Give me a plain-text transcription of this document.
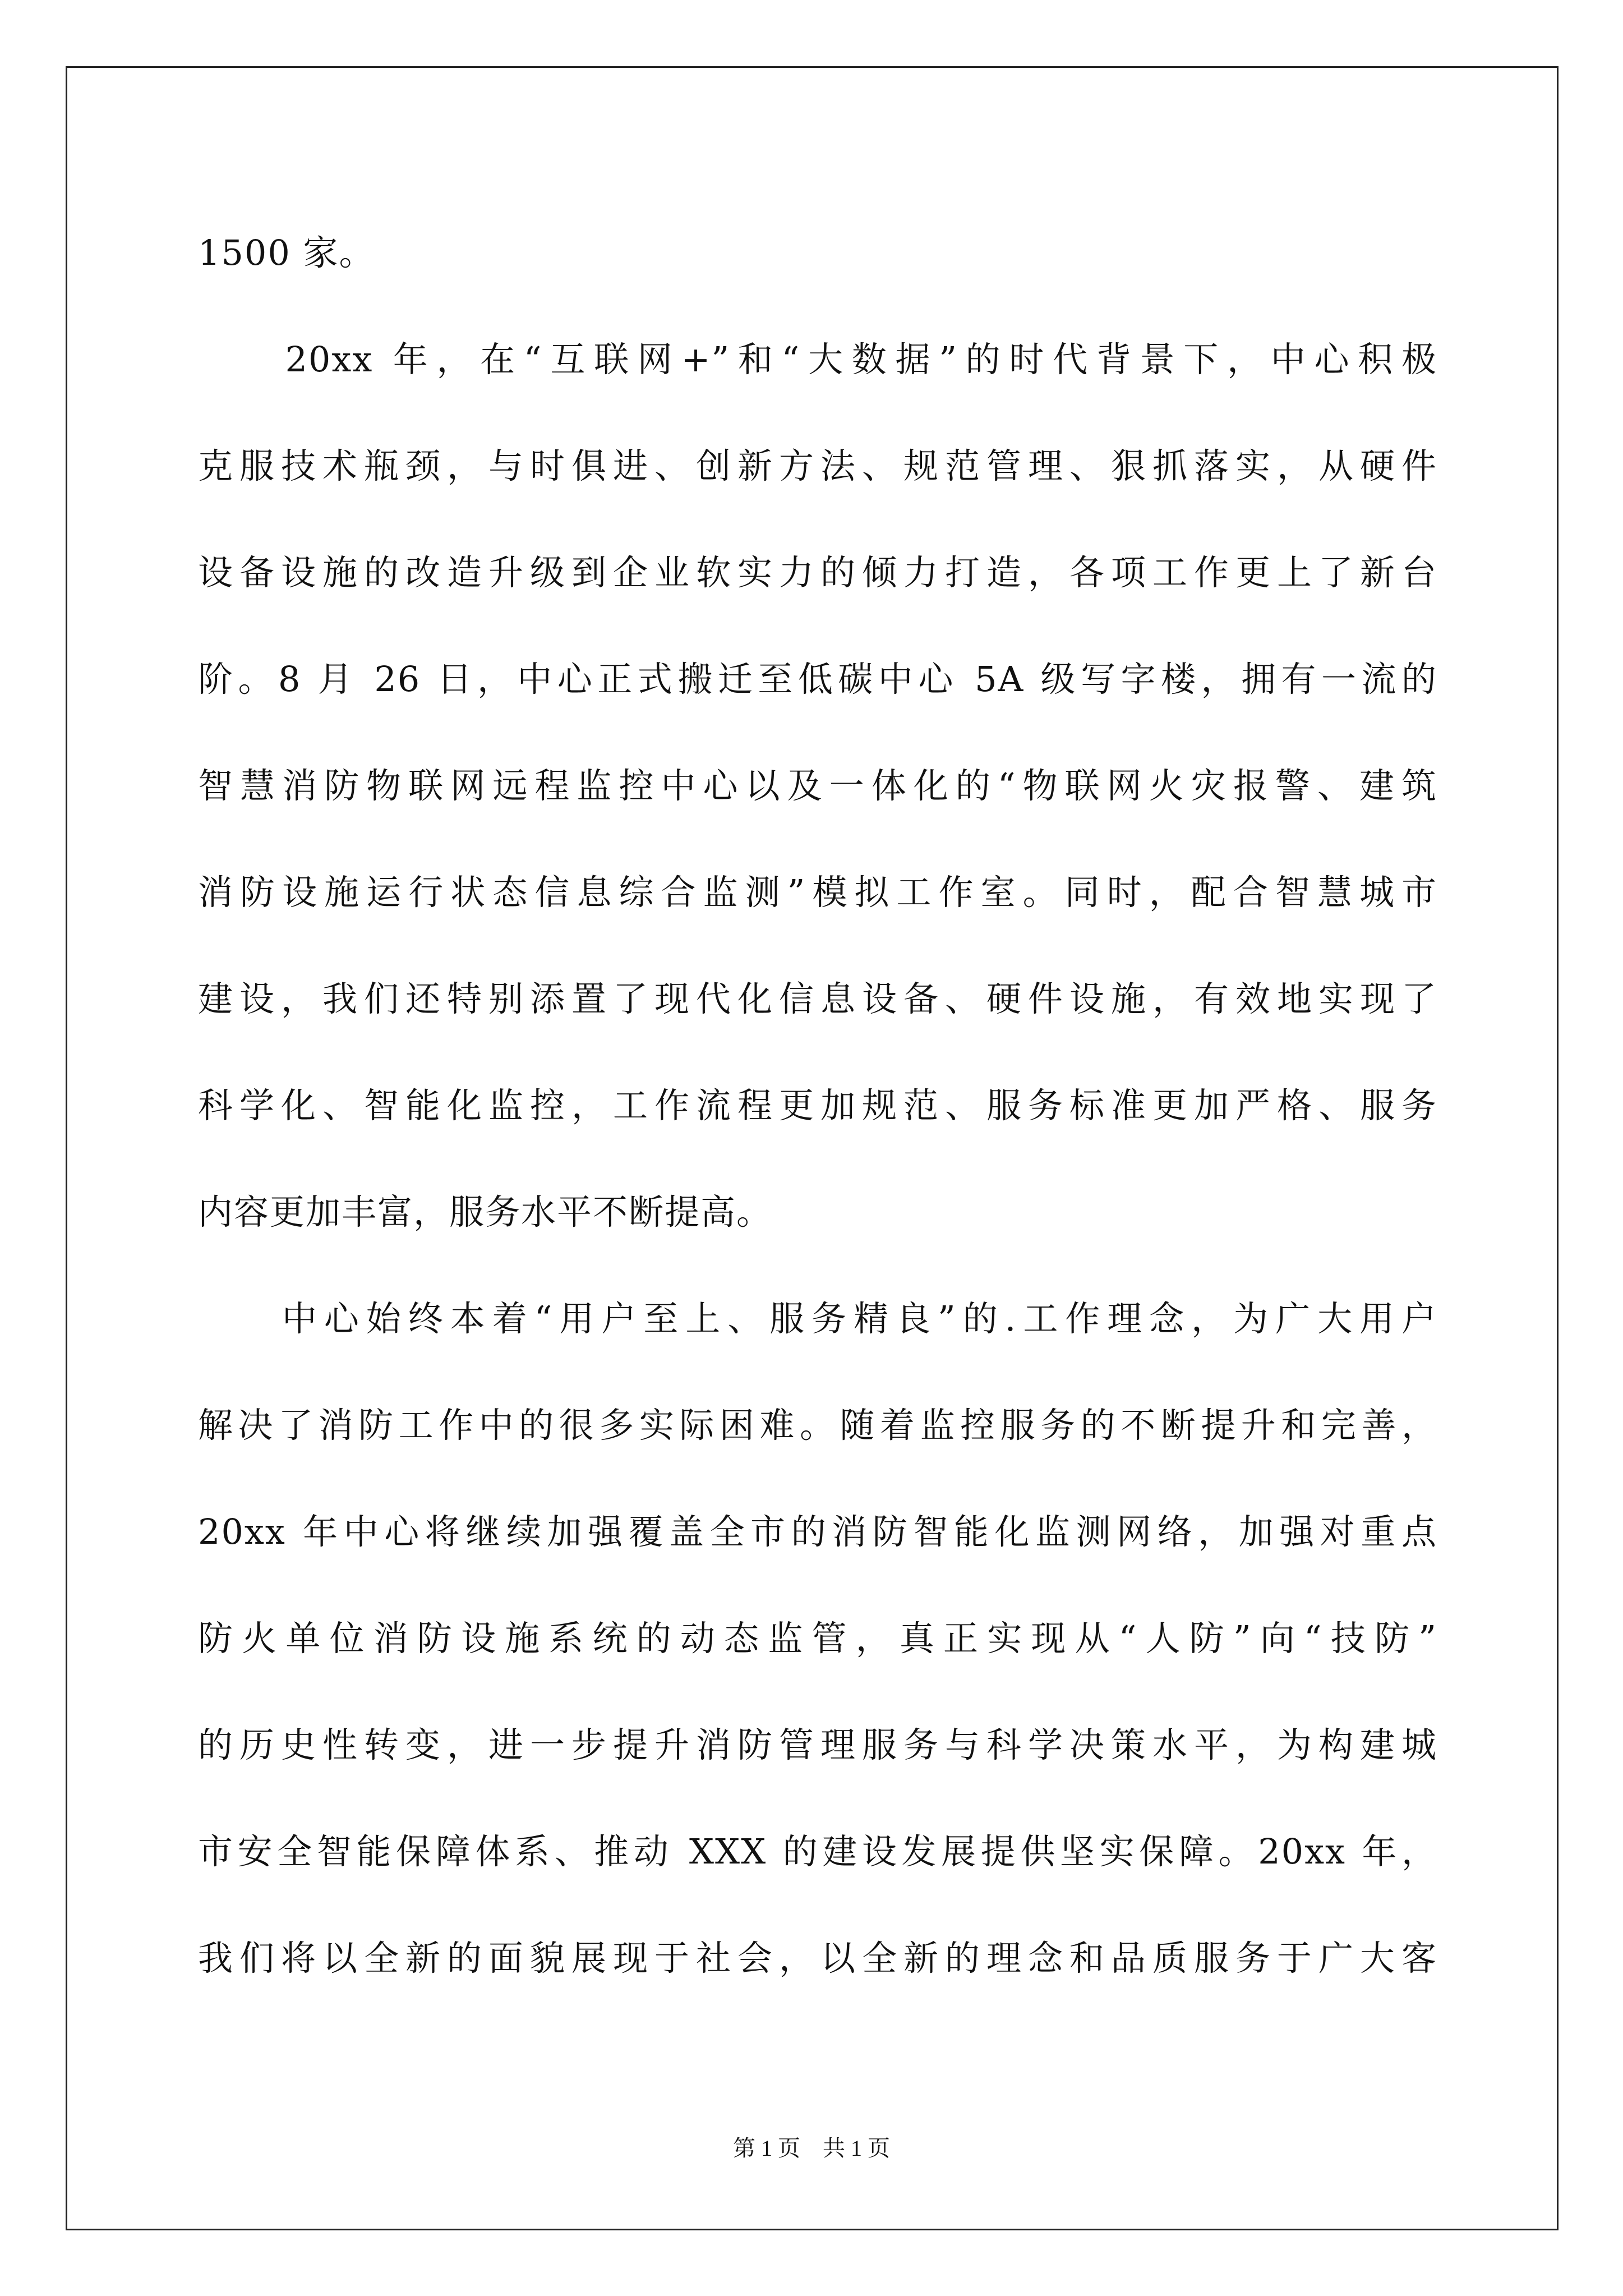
1500 家。
　　20xx 年，在“互联网+”和“大数据”的时代背景下，中心积极
克服技术瓶颈，与时俱进、创新方法、规范管理、狠抓落实，从硬件
设备设施的改造升级到企业软实力的倾力打造，各项工作更上了新台
阶。8 月 26 日，中心正式搬迁至低碳中心 5A 级写字楼，拥有一流的
智慧消防物联网远程监控中心以及一体化的“物联网火灾报警、建筑
消防设施运行状态信息综合监测”模拟工作室。同时，配合智慧城市
建设，我们还特别添置了现代化信息设备、硬件设施，有效地实现了
科学化、智能化监控，工作流程更加规范、服务标准更加严格、服务
内容更加丰富，服务水平不断提高。
　　中心始终本着“用户至上、服务精良”的.工作理念，为广大用户
解决了消防工作中的很多实际困难。随着监控服务的不断提升和完善，
20xx 年中心将继续加强覆盖全市的消防智能化监测网络，加强对重点
防火单位消防设施系统的动态监管，真正实现从“人防”向“技防”
的历史性转变，进一步提升消防管理服务与科学决策水平，为构建城
市安全智能保障体系、推动 XXX 的建设发展提供坚实保障。20xx 年，
我们将以全新的面貌展现于社会，以全新的理念和品质服务于广大客
第 1 页　共 1 页
